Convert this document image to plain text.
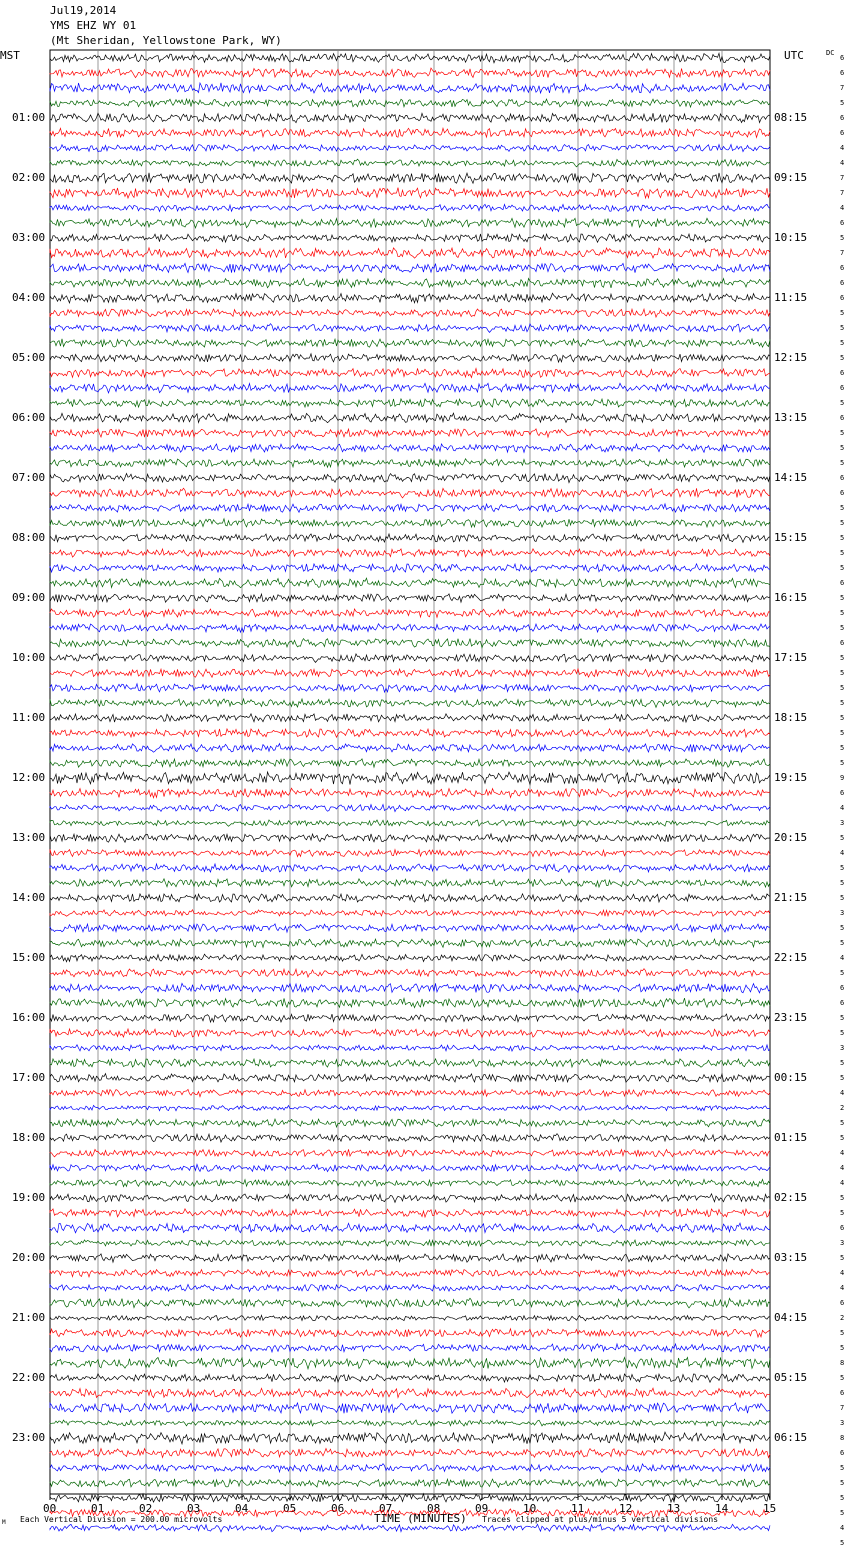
Jul19,2014
YMS EHZ WY 01
(Mt Sheridan, Yellowstone Park, WY)
MST	UTC	DC
01:00
02:00
03:00
04:00
05:00
06:00
07:00
08:00
09:00
10:00
11:00
12:00
13:00
14:00
15:00
16:00
17:00
18:00
19:00
20:00
21:00
22:00
23:00
08:15
09:15
10:15
11:15
12:15
13:15
14:15
15:15
16:15
17:15
18:15
19:15
20:15
21:15
22:15
23:15
00:15
01:15
02:15
03:15
04:15
05:15
06:15
6
6
7
5
6
6
4
4
7
7
4
6
5
7
6
6
6
5
5
5
5
6
6
5
6
5
5
5
6
6
5
5
5
5
5
6
5
5
5
6
5
5
5
5
5
5
5
5
9
6
4
3
5
4
5
5
5
3
5
5
4
5
6
6
5
5
3
5
5
4
2
5
5
4
4
4
5
5
6
3
5
4
4
6
2
5
5
8
5
6
7
3
8
6
5
5
5
5
4
5
00	01	02	03	04	05	06	07	08	09	10	11	12	13	14	15
M Each Vertical Division = 200.00 microvolts	TIME (MINUTES) Traces clipped at plus/minus 5 vertical divisions
